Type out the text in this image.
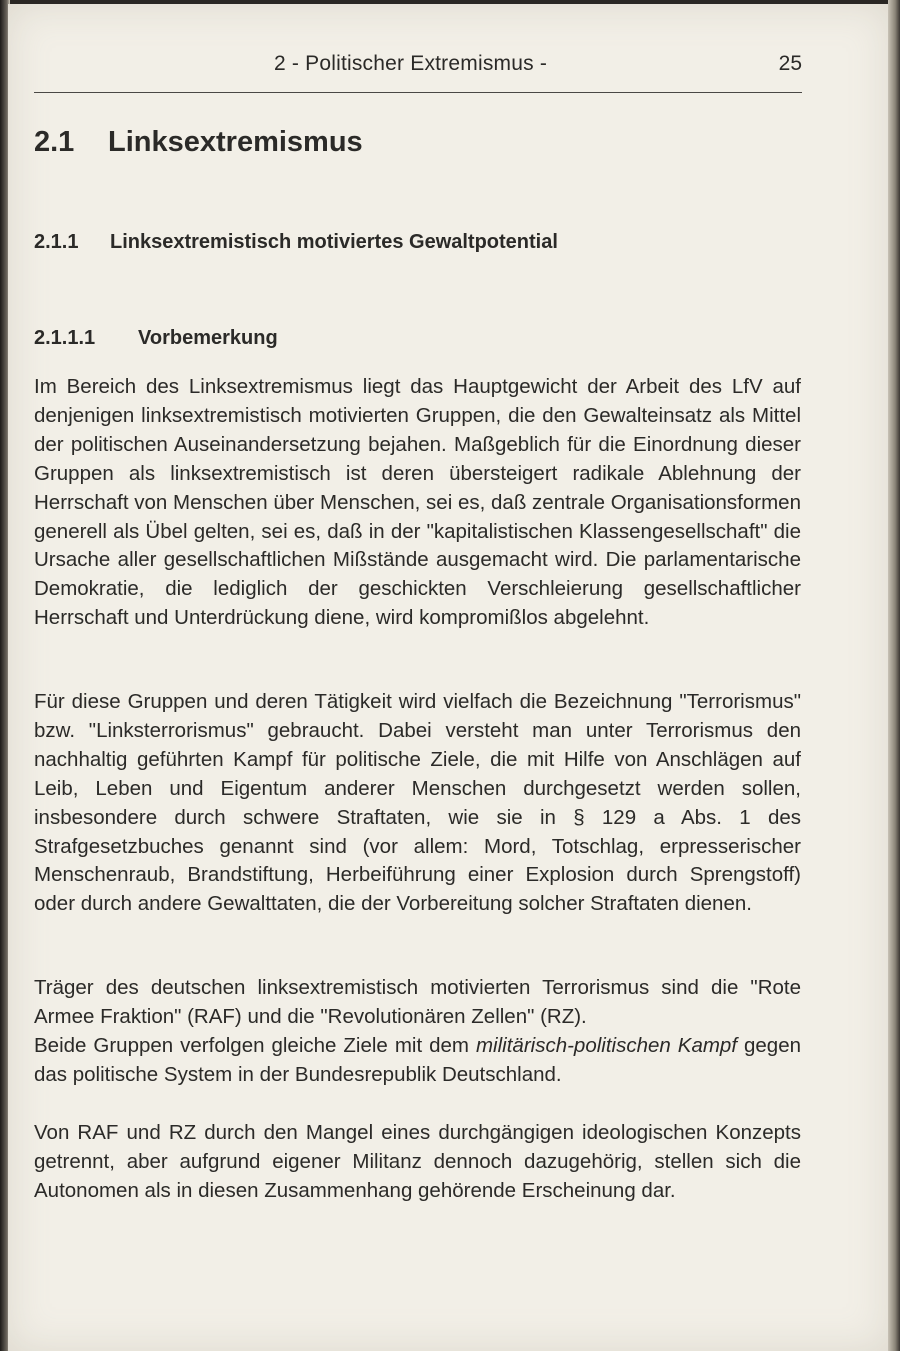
2 - Politischer Extremismus -	25
2.1 Linksextremismus
2.1.1 Linksextremistisch motiviertes Gewaltpotential
2.1.1.1 Vorbemerkung

Im Bereich des Linksextremismus liegt das Hauptgewicht der Arbeit des LfV auf denjenigen linksextremistisch motivierten Gruppen, die den Gewalteinsatz als Mittel der politischen Auseinandersetzung bejahen. Maßgeblich für die Einordnung dieser Gruppen als linksextremistisch ist deren übersteigert radikale Ablehnung der Herrschaft von Menschen über Menschen, sei es, daß zentrale Organisationsformen generell als Übel gelten, sei es, daß in der "kapitalistischen Klassengesellschaft" die Ursache aller gesellschaftlichen Mißstände ausgemacht wird. Die parlamentarische Demokratie, die lediglich der geschickten Verschleierung gesellschaftlicher Herrschaft und Unterdrückung diene, wird kompromißlos abgelehnt.

Für diese Gruppen und deren Tätigkeit wird vielfach die Bezeichnung "Terrorismus" bzw. "Linksterrorismus" gebraucht. Dabei versteht man unter Terrorismus den nachhaltig geführten Kampf für politische Ziele, die mit Hilfe von Anschlägen auf Leib, Leben und Eigentum anderer Menschen durchgesetzt werden sollen, insbesondere durch schwere Straftaten, wie sie in § 129 a Abs. 1 des Strafgesetzbuches genannt sind (vor allem: Mord, Totschlag, erpresserischer Menschenraub, Brandstiftung, Herbeiführung einer Explosion durch Sprengstoff) oder durch andere Gewalttaten, die der Vorbereitung solcher Straftaten dienen.

Träger des deutschen linksextremistisch motivierten Terrorismus sind die "Rote Armee Fraktion" (RAF) und die "Revolutionären Zellen" (RZ).

Beide Gruppen verfolgen gleiche Ziele mit dem militärisch-politischen Kampf gegen das politische System in der Bundesrepublik Deutschland.

Von RAF und RZ durch den Mangel eines durchgängigen ideologischen Konzepts getrennt, aber aufgrund eigener Militanz dennoch dazugehörig, stellen sich die Autonomen als in diesen Zusammenhang gehörende Erscheinung dar.
